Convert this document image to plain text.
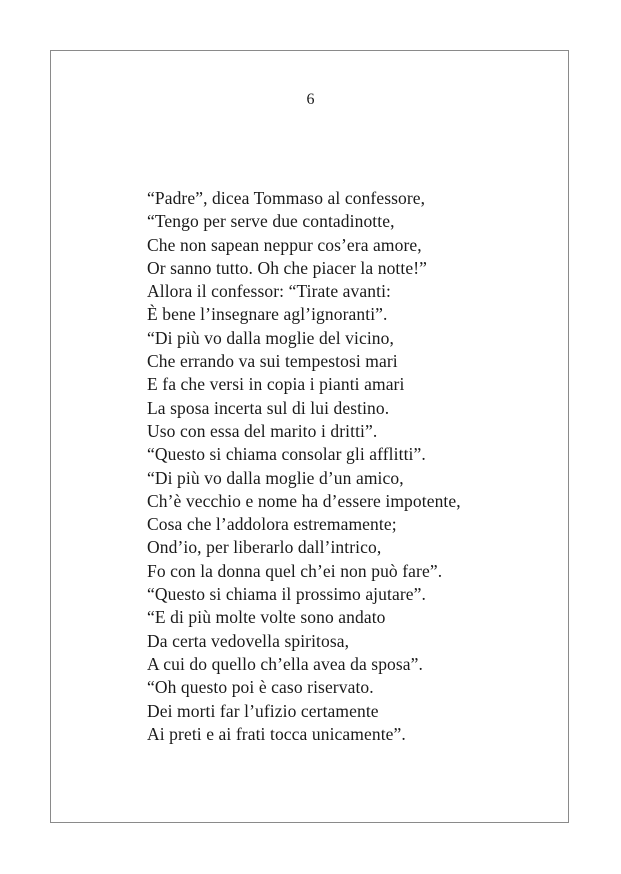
6
“Padre”, dicea Tommaso al confessore,
“Tengo per serve due contadinotte,
Che non sapean neppur cos’era amore,
Or sanno tutto. Oh che piacer la notte!”
Allora il confessor: “Tirate avanti:
È bene l’insegnare agl’ignoranti”.
“Di più vo dalla moglie del vicino,
Che errando va sui tempestosi mari
E fa che versi in copia i pianti amari
La sposa incerta sul di lui destino.
Uso con essa del marito i dritti”.
“Questo si chiama consolar gli afflitti”.
“Di più vo dalla moglie d’un amico,
Ch’è vecchio e nome ha d’essere impotente,
Cosa che l’addolora estremamente;
Ond’io, per liberarlo dall’intrico,
Fo con la donna quel ch’ei non può fare”.
“Questo si chiama il prossimo ajutare”.
“E di più molte volte sono andato
Da certa vedovella spiritosa,
A cui do quello ch’ella avea da sposa”.
“Oh questo poi è caso riservato.
Dei morti far l’ufizio certamente
Ai preti e ai frati tocca unicamente”.
